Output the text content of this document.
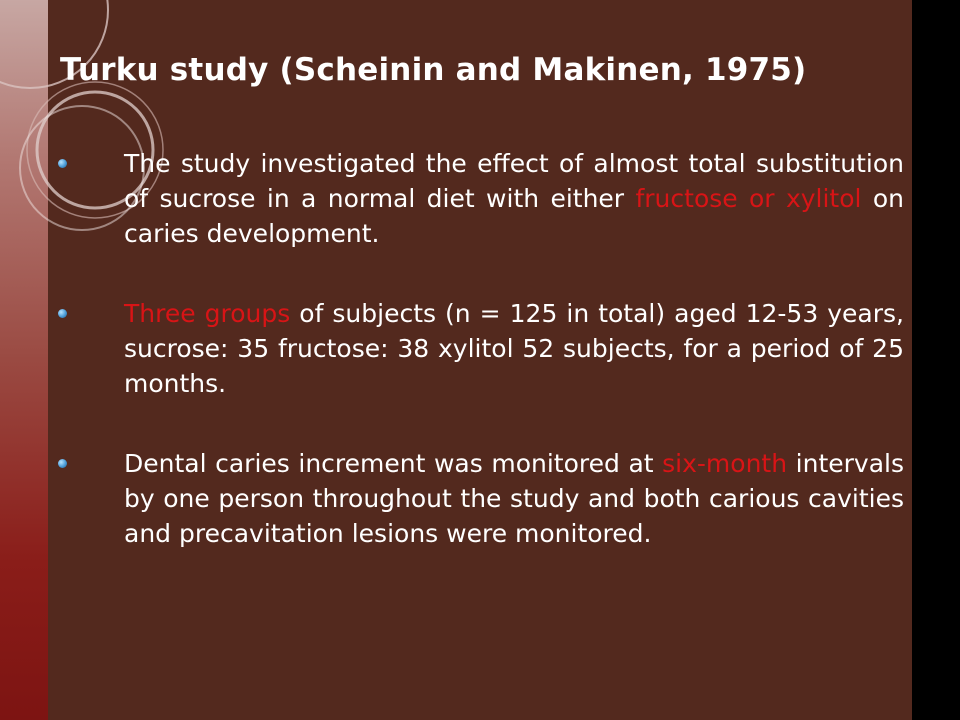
Turku study (Scheinin and Makinen, 1975)
The study investigated the effect of almost total substitution of sucrose in a normal diet with either fructose or xylitol on caries development.
Three groups of subjects (n = 125 in total) aged 12-53 years, sucrose: 35 fructose: 38 xylitol 52 subjects, for a period of 25 months.
Dental caries increment was monitored at six-month intervals by one person throughout the study and both carious cavities and precavitation lesions were monitored.
